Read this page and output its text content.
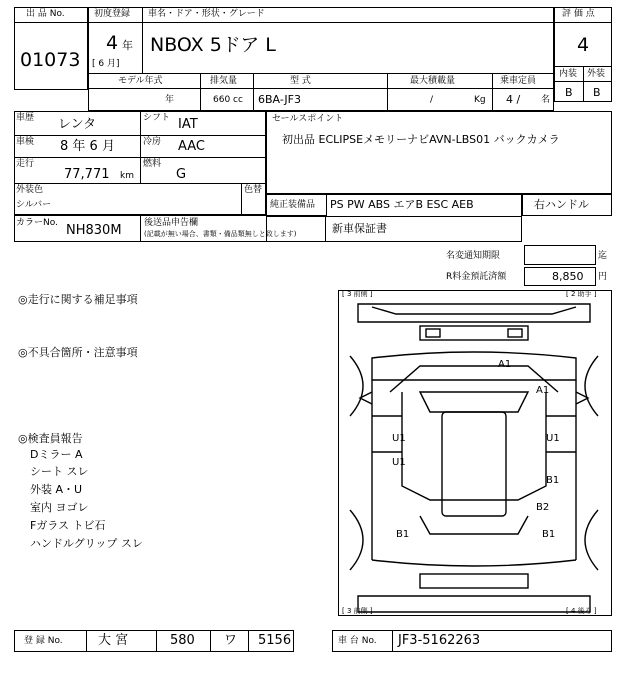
出 品 No.
01073
初度登録 車名・ドア・形状・グレード
4 年
[ 6 月]
NBOX 5ドア L
モデル年式	排気量	型 式	最大積載量	乗車定員
年	660 cc 6BA-JF3	/	Kg 4 / 名
評 価 点
4
内装 外装
B B
車歴 レンタ	シフト IAT
車検 8 年 6 月	冷房 AAC
走行
77,771 km
燃料
G
外装色
シルバー
色替
セールスポイント
初出品 ECLIPSEメモリーナビAVN-LBS01 バックカメラ
カラーNo. NH830M 後送品申告欄
(記載が無い場合、書類・備品類無しと致します)
純正装備品 PS PW ABS エアB ESC AEB
新車保証書
右ハンドル
名変通知期限	迄
R料金預託済額	8,850 円
◎走行に関する補足事項
◎不具合箇所・注意事項
◎検査員報告
Dミラー A
シート スレ
外装 A・U
室内 ヨゴレ
Fガラス トビ石
ハンドルグリップ スレ
[ 3 前側 ]	[ 2 助手 ]
[ 3 前側 ]	[ 4 後ろ ]
A1
A1
U1	U1
U1
B1
B2
B1	B1
登 録 No.	大 宮	580 ワ 5156	車 台 No. JF3-5162263
